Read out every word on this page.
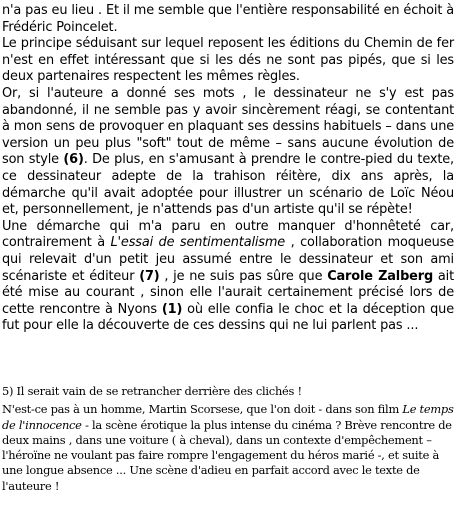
n'a pas eu lieu . Et il me semble que l'entière responsabilité en échoit à Frédéric Poincelet.

Le principe séduisant sur lequel reposent les éditions du Chemin de fer n'est en effet intéressant que si les dés ne sont pas pipés, que si les deux partenaires respectent les mêmes règles.

Or, si l'auteure a donné ses mots , le dessinateur ne s'y est pas abandonné, il ne semble pas y avoir sincèrement réagi, se contentant à mon sens de provoquer en plaquant ses dessins habituels – dans une version un peu plus "soft" tout de même – sans aucune évolution de son style (6). De plus, en s'amusant à prendre le contre-pied du texte, ce dessinateur adepte de la trahison réitère, dix ans après, la démarche qu'il avait adoptée pour illustrer un scénario de Loïc Néou et, personnellement, je n'attends pas d'un artiste qu'il se répète!

Une démarche qui m'a paru en outre manquer d'honnêteté car, contrairement à L'essai de sentimentalisme , collaboration moqueuse qui relevait d'un petit jeu assumé entre le dessinateur et son ami scénariste et éditeur (7) , je ne suis pas sûre que Carole Zalberg ait été mise au courant , sinon elle l'aurait certainement précisé lors de cette rencontre à Nyons (1) où elle confia le choc et la déception que fut pour elle la découverte de ces dessins qui ne lui parlent pas ...

5) Il serait vain de se retrancher derrière des clichés !

N'est-ce pas à un homme, Martin Scorsese, que l'on doit - dans son film Le temps de l'innocence - la scène érotique la plus intense du cinéma ? Brève rencontre de deux mains , dans une voiture ( à cheval), dans un contexte d'empêchement – l'héroïne ne voulant pas faire rompre l'engagement du héros marié -, et suite à une longue absence ... Une scène d'adieu en parfait accord avec le texte de l'auteure !
